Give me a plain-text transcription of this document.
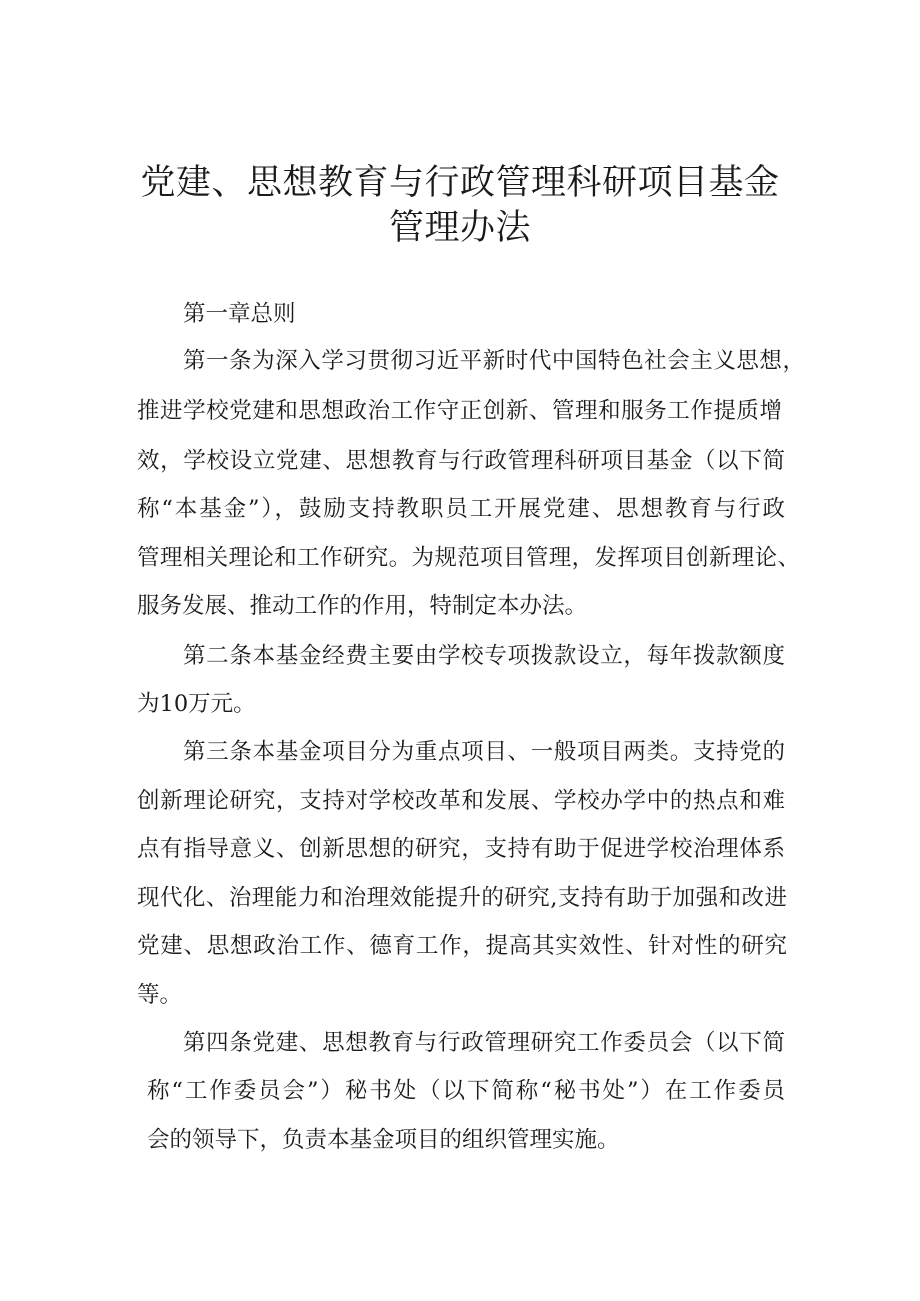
党建、思想教育与行政管理科研项目基金
管理办法
第一章总则
第一条为深入学习贯彻习近平新时代中国特色社会主义思想，
推进学校党建和思想政治工作守正创新、管理和服务工作提质增
效，学校设立党建、思想教育与行政管理科研项目基金（以下简
称“本基金”），鼓励支持教职员工开展党建、思想教育与行政
管理相关理论和工作研究。为规范项目管理，发挥项目创新理论、
服务发展、推动工作的作用，特制定本办法。
第二条本基金经费主要由学校专项拨款设立，每年拨款额度
为10万元。
第三条本基金项目分为重点项目、一般项目两类。支持党的
创新理论研究，支持对学校改革和发展、学校办学中的热点和难
点有指导意义、创新思想的研究，支持有助于促进学校治理体系
现代化、治理能力和治理效能提升的研究,支持有助于加强和改进
党建、思想政治工作、德育工作，提高其实效性、针对性的研究
等。
第四条党建、思想教育与行政管理研究工作委员会（以下简
称“工作委员会”）秘书处（以下简称“秘书处”）在工作委员
会的领导下，负责本基金项目的组织管理实施。
